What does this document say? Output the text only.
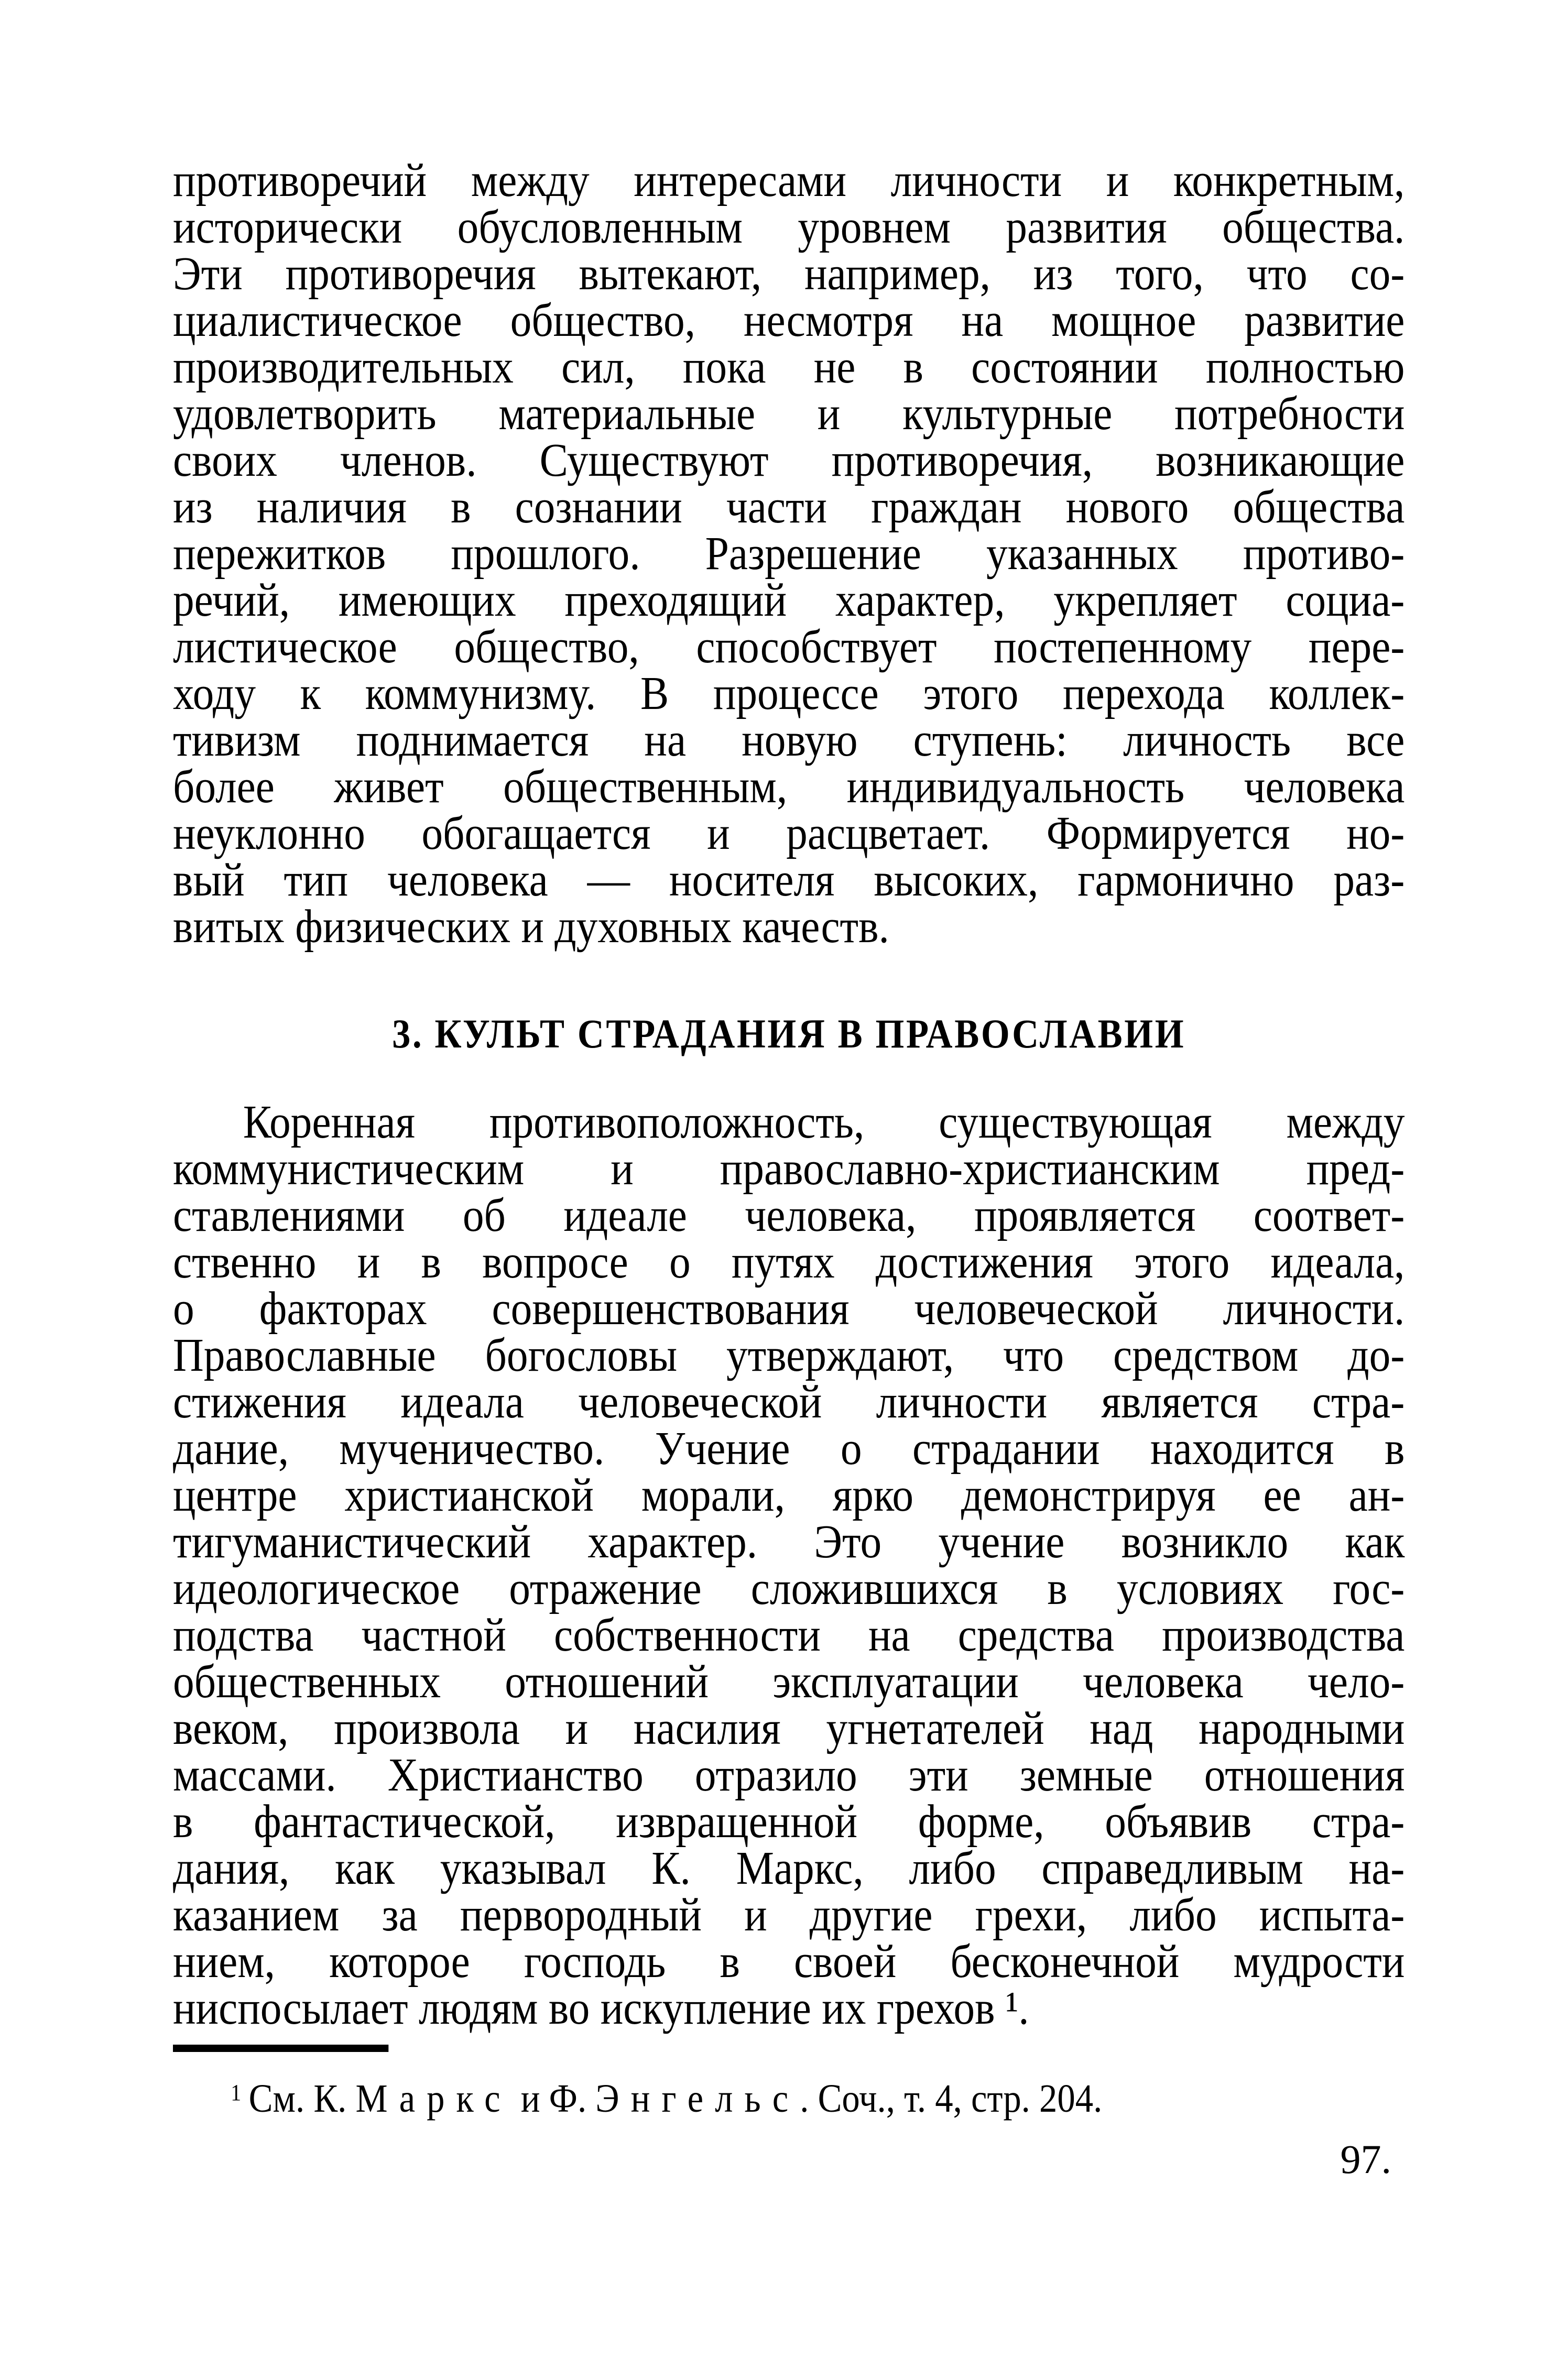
противоречий между интересами личности и конкретным,
исторически обусловленным уровнем развития общества.
Эти противоречия вытекают, например, из того, что со-
циалистическое общество, несмотря на мощное развитие
производительных сил, пока не в состоянии полностью
удовлетворить материальные и культурные потребности
своих членов. Существуют противоречия, возникающие
из наличия в сознании части граждан нового общества
пережитков прошлого. Разрешение указанных противо-
речий, имеющих преходящий характер, укрепляет социа-
листическое общество, способствует постепенному пере-
ходу к коммунизму. В процессе этого перехода коллек-
тивизм поднимается на новую ступень: личность все
более живет общественным, индивидуальность человека
неуклонно обогащается и расцветает. Формируется но-
вый тип человека — носителя высоких, гармонично раз-
витых физических и духовных качеств.
3. КУЛЬТ СТРАДАНИЯ В ПРАВОСЛАВИИ
Коренная противоположность, существующая между
коммунистическим и православно-христианским пред-
ставлениями об идеале человека, проявляется соответ-
ственно и в вопросе о путях достижения этого идеала,
о факторах совершенствования человеческой личности.
Православные богословы утверждают, что средством до-
стижения идеала человеческой личности является стра-
дание, мученичество. Учение о страдании находится в
центре христианской морали, ярко демонстрируя ее ан-
тигуманистический характер. Это учение возникло как
идеологическое отражение сложившихся в условиях гос-
подства частной собственности на средства производства
общественных отношений эксплуатации человека чело-
веком, произвола и насилия угнетателей над народными
массами. Христианство отразило эти земные отношения
в фантастической, извращенной форме, объявив стра-
дания, как указывал К. Маркс, либо справедливым на-
казанием за первородный и другие грехи, либо испыта-
нием, которое господь в своей бесконечной мудрости
ниспосылает людям во искупление их грехов ¹.
1 См. К. Маркс и Ф. Энгельс. Соч., т. 4, стр. 204.
97.
